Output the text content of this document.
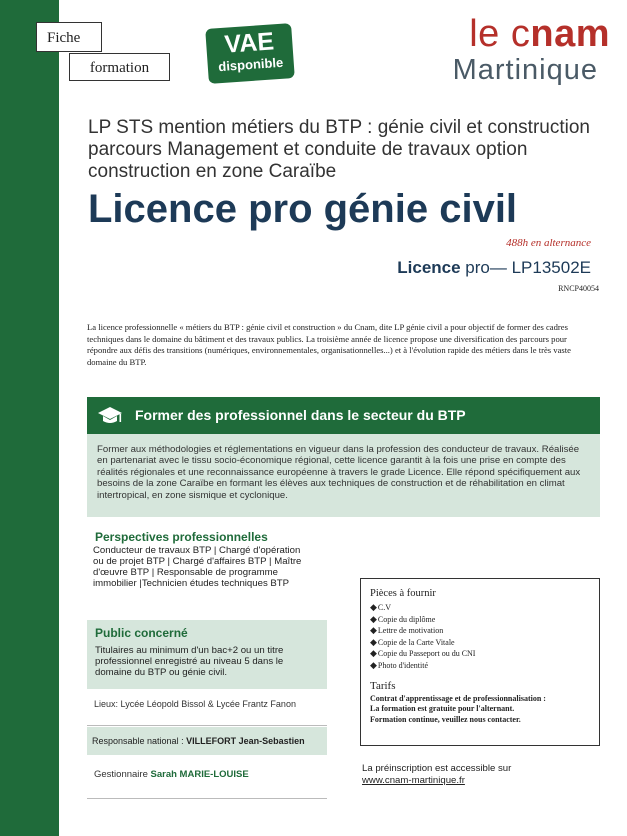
Fiche
formation
VAE
disponible
le cnam
Martinique
LP STS mention métiers du BTP : génie civil et construction parcours Management et conduite de travaux option construction en zone Caraïbe
Licence pro génie civil
488h en alternance
Licence pro— LP13502E
RNCP40054
La licence professionnelle « métiers du BTP : génie civil et construction » du Cnam, dite LP génie civil a pour objectif de former des cadres techniques dans le domaine du bâtiment et des travaux publics. La troisième année de licence propose une diversification des parcours pour répondre aux défis des transitions (numériques, environnementales, organisationnelles...) et à l'évolution rapide des métiers dans le très vaste domaine du BTP.
Former des professionnel dans le secteur du BTP
Former aux méthodologies et réglementations en vigueur dans la profession des conducteur de travaux. Réalisée en partenariat avec le tissu socio-économique régional, cette licence garantit à la fois une prise en compte des réalités régionales et une reconnaissance européenne à travers le grade Licence. Elle répond spécifiquement aux besoins de la zone Caraïbe en formant les élèves aux techniques de construction et de réhabilitation en climat intertropical, en zone sismique et cyclonique.
Perspectives professionnelles
Conducteur de travaux BTP | Chargé d'opération ou de projet BTP | Chargé d'affaires BTP | Maître d'œuvre BTP | Responsable de programme immobilier |Technicien études techniques BTP
Public concerné
Titulaires au minimum d'un bac+2 ou un titre professionnel enregistré au niveau 5 dans le domaine du BTP ou génie civil.
Lieux: Lycée Léopold Bissol & Lycée Frantz Fanon
Responsable national : VILLEFORT Jean-Sebastien
Gestionnaire Sarah MARIE-LOUISE
Pièces à fournir
◆C.V
◆Copie du diplôme
◆Lettre de motivation
◆Copie de la Carte Vitale
◆Copie du Passeport ou du CNI
◆Photo d'identité
Tarifs
Contrat d'apprentissage et de professionnalisation :
La formation est gratuite pour l'alternant.
Formation continue, veuillez nous contacter.
La préinscription est accessible sur
www.cnam-martinique.fr
